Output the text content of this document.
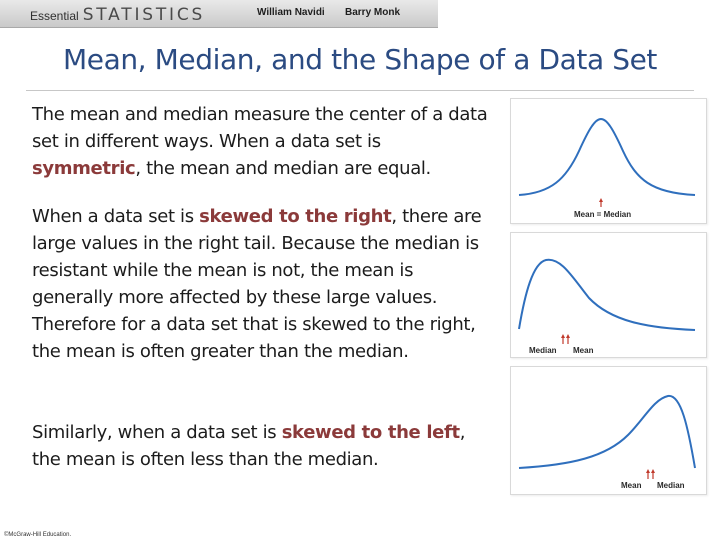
Essential STATISTICS	William Navidi Barry Monk
Mean, Median, and the Shape of a Data Set
The mean and median measure the center of a data set in different ways. When a data set is symmetric, the mean and median are equal.
When a data set is skewed to the right, there are large values in the right tail. Because the median is resistant while the mean is not, the mean is generally more affected by these large values. Therefore for a data set that is skewed to the right, the mean is often greater than the median.
Similarly, when a data set is skewed to the left, the mean is often less than the median.
Mean = Median
Median Mean
Mean Median
©McGraw-Hill Education.
